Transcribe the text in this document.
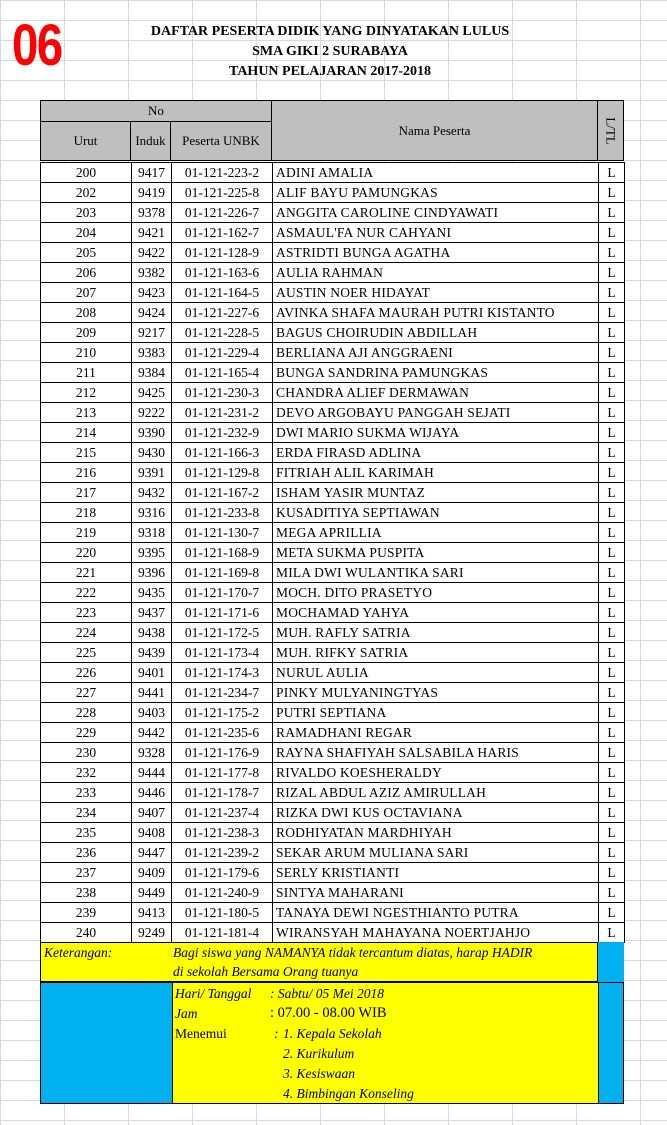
06	DAFTAR PESERTA DIDIK YANG DINYATAKAN LULUS
SMA GIKI 2 SURABAYA
TAHUN PELAJARAN 2017-2018
No
Urut	Induk	Peserta UNBK
Nama Peserta	L/TL
200	9417	01-121-223-2	ADINI AMALIA	L
202	9419	01-121-225-8	ALIF BAYU PAMUNGKAS	L
203	9378	01-121-226-7	ANGGITA CAROLINE CINDYAWATI	L
204	9421	01-121-162-7	ASMAUL'FA NUR CAHYANI	L
205	9422	01-121-128-9	ASTRIDTI BUNGA AGATHA	L
206	9382	01-121-163-6	AULIA RAHMAN	L
207	9423	01-121-164-5	AUSTIN NOER HIDAYAT	L
208	9424	01-121-227-6	AVINKA SHAFA MAURAH PUTRI KISTANTO	L
209	9217	01-121-228-5	BAGUS CHOIRUDIN ABDILLAH	L
210	9383	01-121-229-4	BERLIANA AJI ANGGRAENI	L
211	9384	01-121-165-4	BUNGA SANDRINA PAMUNGKAS	L
212	9425	01-121-230-3	CHANDRA ALIEF DERMAWAN	L
213	9222	01-121-231-2	DEVO ARGOBAYU PANGGAH SEJATI	L
214	9390	01-121-232-9	DWI MARIO SUKMA WIJAYA	L
215	9430	01-121-166-3	ERDA FIRASD ADLINA	L
216	9391	01-121-129-8	FITRIAH ALIL KARIMAH	L
217	9432	01-121-167-2	ISHAM YASIR MUNTAZ	L
218	9316	01-121-233-8	KUSADITIYA SEPTIAWAN	L
219	9318	01-121-130-7	MEGA APRILLIA	L
220	9395	01-121-168-9	META SUKMA PUSPITA	L
221	9396	01-121-169-8	MILA DWI WULANTIKA SARI	L
222	9435	01-121-170-7	MOCH. DITO PRASETYO	L
223	9437	01-121-171-6	MOCHAMAD YAHYA	L
224	9438	01-121-172-5	MUH. RAFLY SATRIA	L
225	9439	01-121-173-4	MUH. RIFKY SATRIA	L
226	9401	01-121-174-3	NURUL AULIA	L
227	9441	01-121-234-7	PINKY MULYANINGTYAS	L
228	9403	01-121-175-2	PUTRI SEPTIANA	L
229	9442	01-121-235-6	RAMADHANI REGAR	L
230	9328	01-121-176-9	RAYNA SHAFIYAH SALSABILA HARIS	L
232	9444	01-121-177-8	RIVALDO KOESHERALDY	L
233	9446	01-121-178-7	RIZAL ABDUL AZIZ AMIRULLAH	L
234	9407	01-121-237-4	RIZKA DWI KUS OCTAVIANA	L
235	9408	01-121-238-3	RODHIYATAN MARDHIYAH	L
236	9447	01-121-239-2	SEKAR ARUM MULIANA SARI	L
237	9409	01-121-179-6	SERLY KRISTIANTI	L
238	9449	01-121-240-9	SINTYA MAHARANI	L
239	9413	01-121-180-5	TANAYA DEWI NGESTHIANTO PUTRA	L
240	9249	01-121-181-4	WIRANSYAH MAHAYANA NOERTJAHJO	L
Keterangan:	Bagi siswa yang NAMANYA tidak tercantum diatas, harap HADIR
di sekolah Bersama Orang tuanya
Hari/ Tanggal : Sabtu/ 05 Mei 2018
Jam	: 07.00 - 08.00 WIB
Menemui	: 1. Kepala Sekolah
2. Kurikulum
3. Kesiswaan
4. Bimbingan Konseling
